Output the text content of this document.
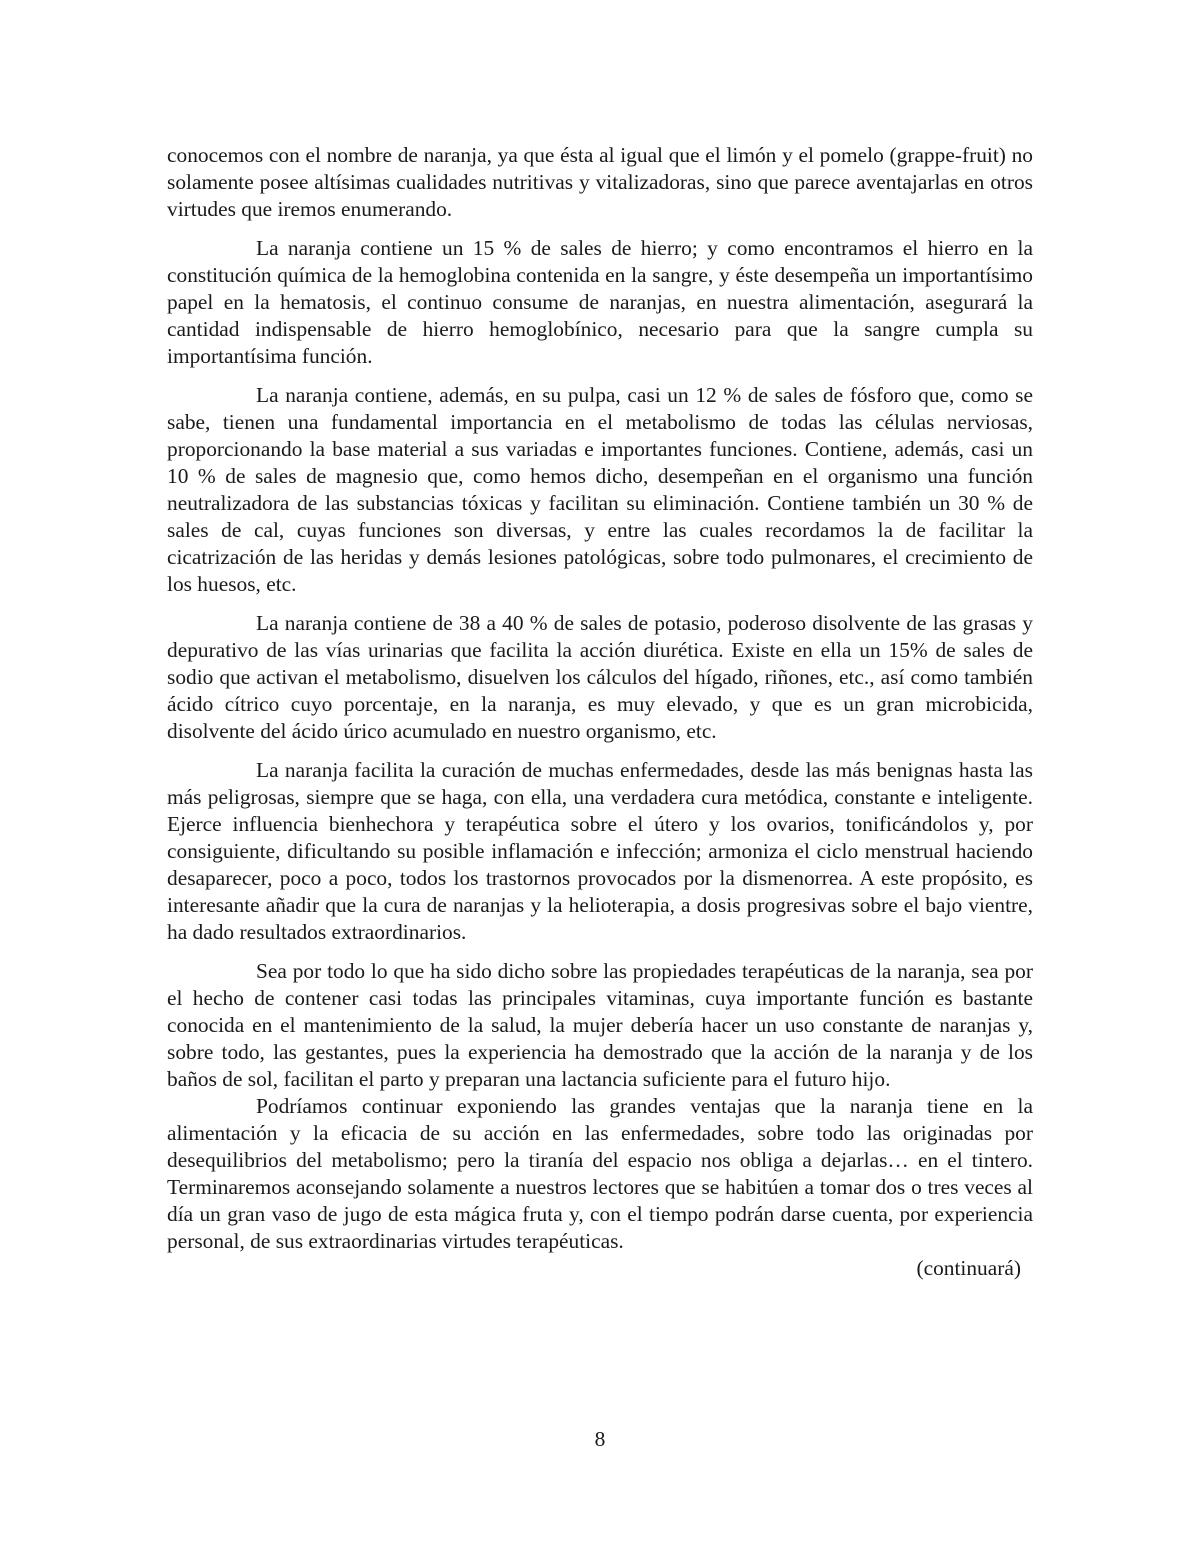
conocemos con el nombre de naranja, ya que ésta al igual que el limón y el pomelo (grappe-fruit) no solamente posee altísimas cualidades nutritivas y vitalizadoras, sino que parece aventajarlas en otros virtudes que iremos enumerando.

La naranja contiene un 15 % de sales de hierro; y como encontramos el hierro en la constitución química de la hemoglobina contenida en la sangre, y éste desempeña un importantísimo papel en la hematosis, el continuo consume de naranjas, en nuestra alimentación, asegurará la cantidad indispensable de hierro hemoglobínico, necesario para que la sangre cumpla su importantísima función.

La naranja contiene, además, en su pulpa, casi un 12 % de sales de fósforo que, como se sabe, tienen una fundamental importancia en el metabolismo de todas las células nerviosas, proporcionando la base material a sus variadas e importantes funciones. Contiene, además, casi un 10 % de sales de magnesio que, como hemos dicho, desempeñan en el organismo una función neutralizadora de las substancias tóxicas y facilitan su eliminación. Contiene también un 30 % de sales de cal, cuyas funciones son diversas, y entre las cuales recordamos la de facilitar la cicatrización de las heridas y demás lesiones patológicas, sobre todo pulmonares, el crecimiento de los huesos, etc.

La naranja contiene de 38 a 40 % de sales de potasio, poderoso disolvente de las grasas y depurativo de las vías urinarias que facilita la acción diurética. Existe en ella un 15% de sales de sodio que activan el metabolismo, disuelven los cálculos del hígado, riñones, etc., así como también ácido cítrico cuyo porcentaje, en la naranja, es muy elevado, y que es un gran microbicida, disolvente del ácido úrico acumulado en nuestro organismo, etc.

La naranja facilita la curación de muchas enfermedades, desde las más benignas hasta las más peligrosas, siempre que se haga, con ella, una verdadera cura metódica, constante e inteligente. Ejerce influencia bienhechora y terapéutica sobre el útero y los ovarios, tonificándolos y, por consiguiente, dificultando su posible inflamación e infección; armoniza el ciclo menstrual haciendo desaparecer, poco a poco, todos los trastornos provocados por la dismenorrea. A este propósito, es interesante añadir que la cura de naranjas y la helioterapia, a dosis progresivas sobre el bajo vientre, ha dado resultados extraordinarios.

Sea por todo lo que ha sido dicho sobre las propiedades terapéuticas de la naranja, sea por el hecho de contener casi todas las principales vitaminas, cuya importante función es bastante conocida en el mantenimiento de la salud, la mujer debería hacer un uso constante de naranjas y, sobre todo, las gestantes, pues la experiencia ha demostrado que la acción de la naranja y de los baños de sol, facilitan el parto y preparan una lactancia suficiente para el futuro hijo.

Podríamos continuar exponiendo las grandes ventajas que la naranja tiene en la alimentación y la eficacia de su acción en las enfermedades, sobre todo las originadas por desequilibrios del metabolismo; pero la tiranía del espacio nos obliga a dejarlas… en el tintero. Terminaremos aconsejando solamente a nuestros lectores que se habitúen a tomar dos o tres veces al día un gran vaso de jugo de esta mágica fruta y, con el tiempo podrán darse cuenta, por experiencia personal, de sus extraordinarias virtudes terapéuticas.

(continuará)

8
